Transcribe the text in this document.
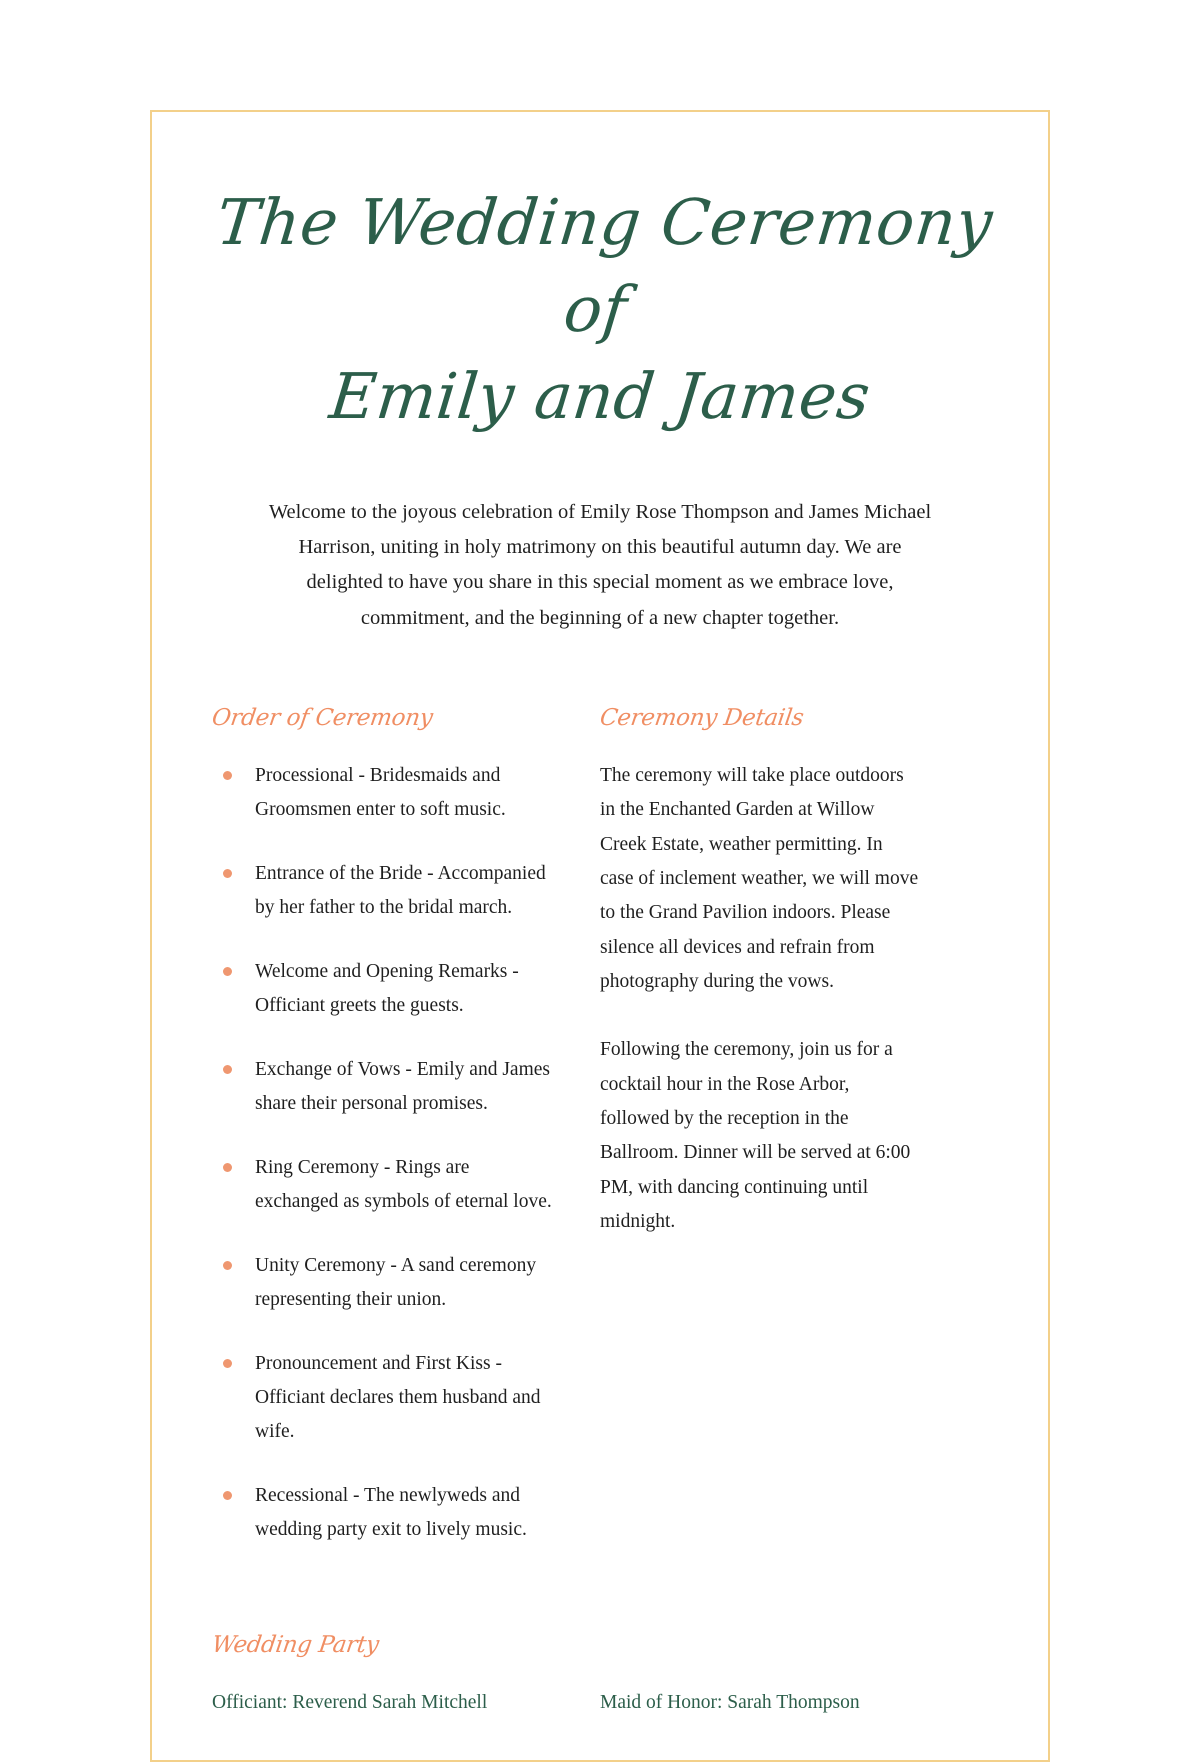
The Wedding Ceremony of
Emily and James

Welcome to the joyous celebration of Emily Rose Thompson and James Michael Harrison, uniting in holy matrimony on this beautiful autumn day. We are delighted to have you share in this special moment as we embrace love, commitment, and the beginning of a new chapter together.

Order of Ceremony
Processional - Bridesmaids and Groomsmen enter to soft music.
Entrance of the Bride - Accompanied by her father to the bridal march.
Welcome and Opening Remarks - Officiant greets the guests.
Exchange of Vows - Emily and James share their personal promises.
Ring Ceremony - Rings are exchanged as symbols of eternal love.
Unity Ceremony - A sand ceremony representing their union.
Pronouncement and First Kiss - Officiant declares them husband and wife.
Recessional - The newlyweds and wedding party exit to lively music.
Ceremony Details

The ceremony will take place outdoors in the Enchanted Garden at Willow Creek Estate, weather permitting. In case of inclement weather, we will move to the Grand Pavilion indoors. Please silence all devices and refrain from photography during the vows.

Following the ceremony, join us for a cocktail hour in the Rose Arbor, followed by the reception in the Ballroom. Dinner will be served at 6:00 PM, with dancing continuing until midnight.

Wedding Party
Officiant: Reverend Sarah Mitchell	Maid of Honor: Sarah Thompson
